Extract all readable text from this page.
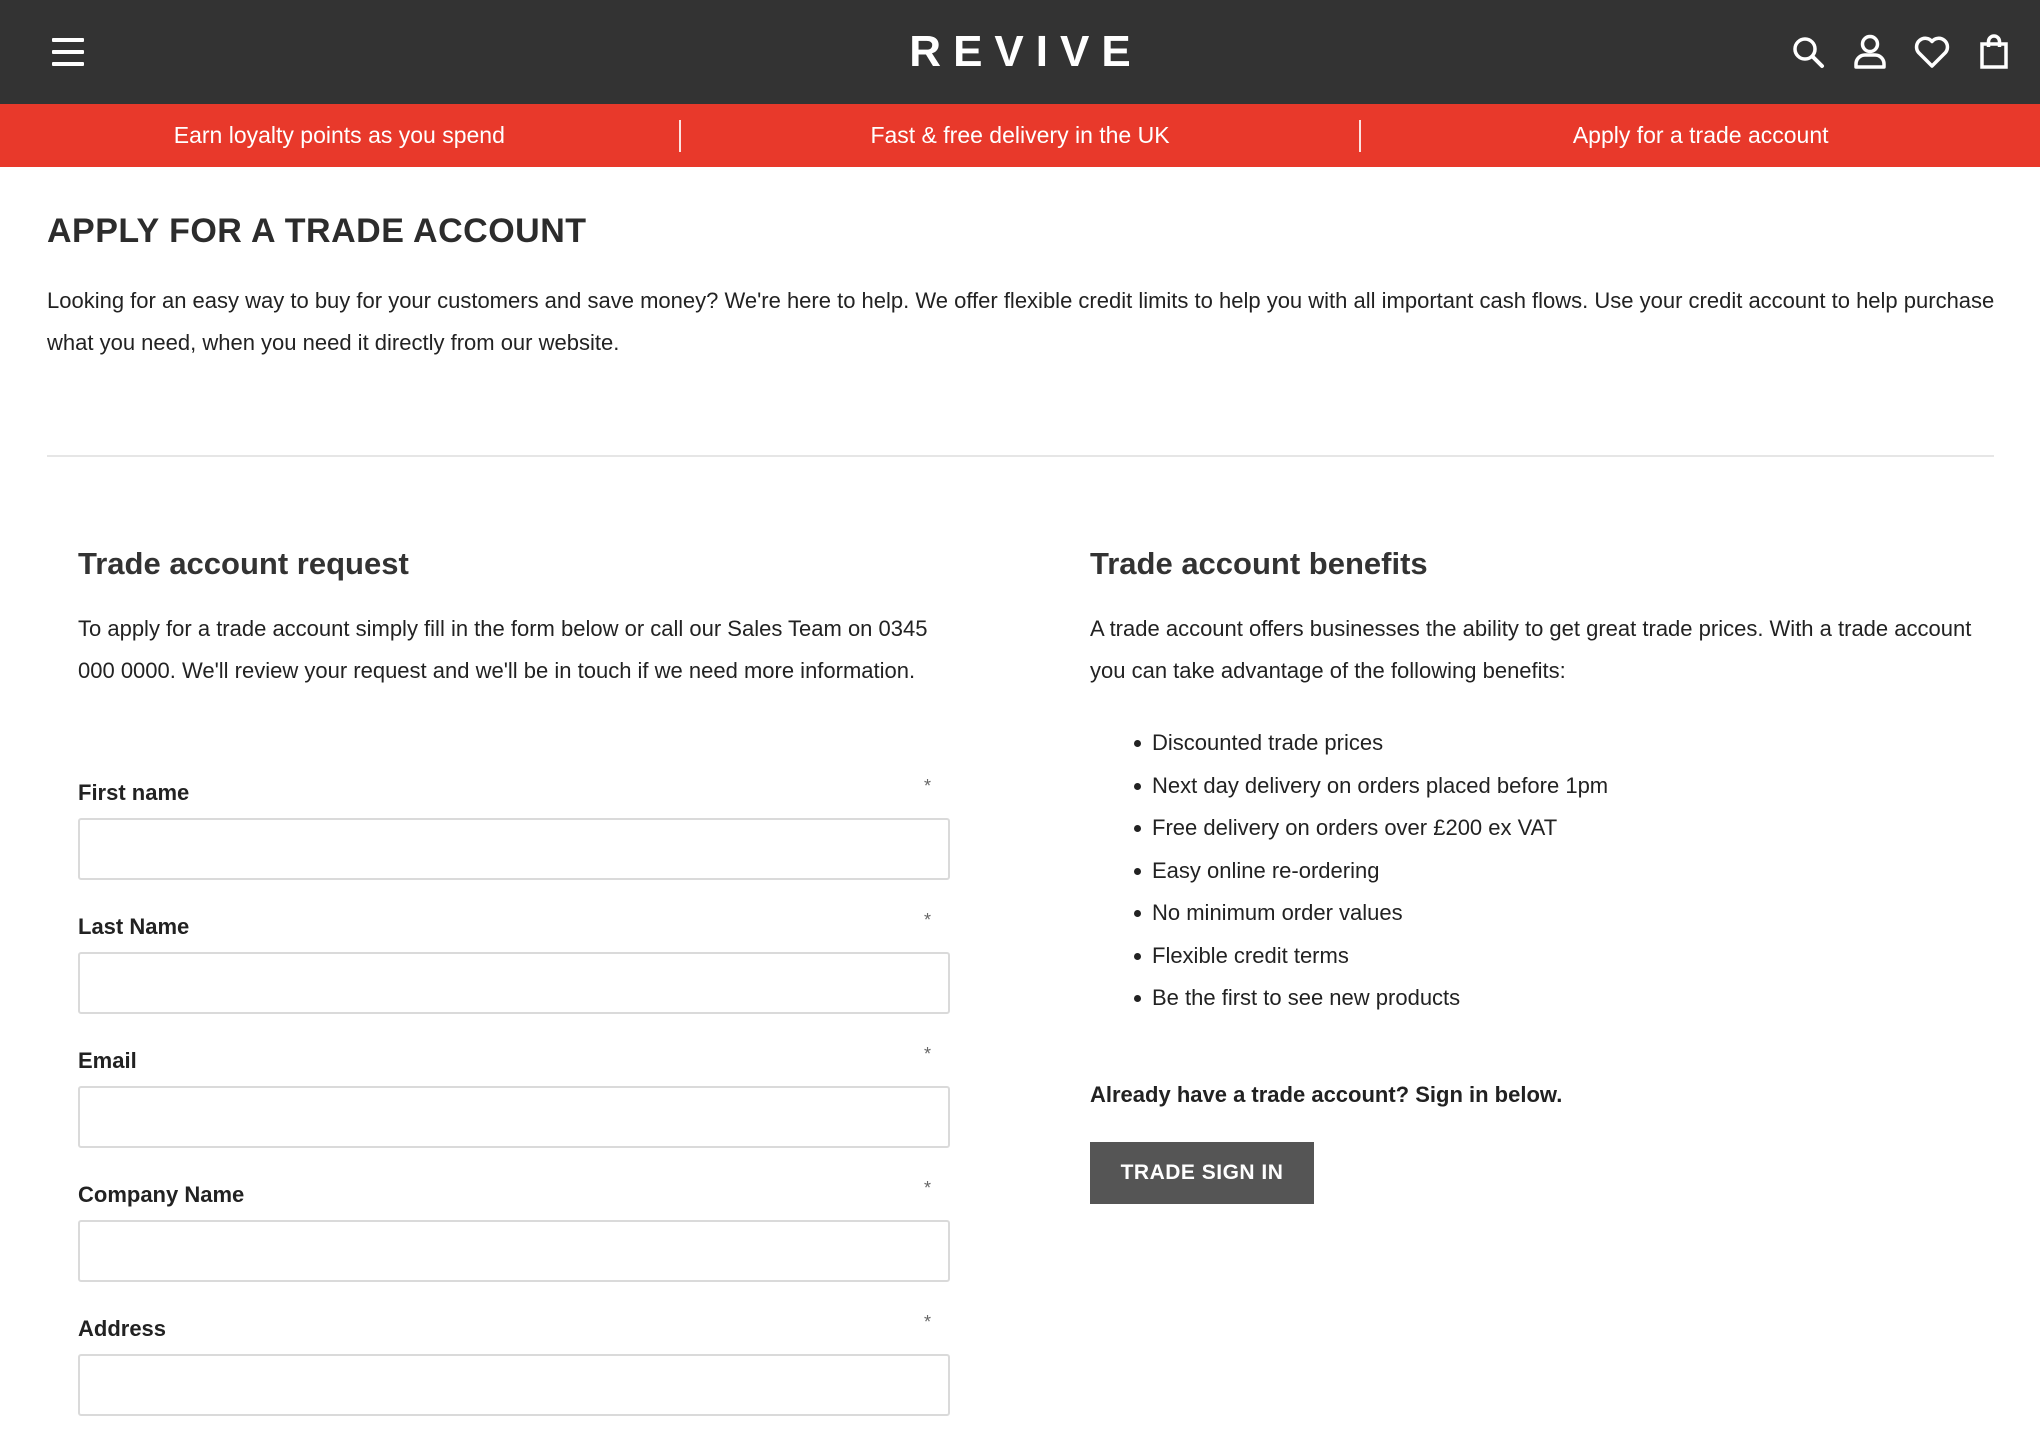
REVIVE
Earn loyalty points as you spend	Fast & free delivery in the UK	Apply for a trade account
APPLY FOR A TRADE ACCOUNT

Looking for an easy way to buy for your customers and save money? We're here to help. We offer flexible credit limits to help you with all important cash flows. Use your credit account to help purchase what you need, when you need it directly from our website.

Trade account request

To apply for a trade account simply fill in the form below or call our Sales Team on 0345 000 0000. We'll review your request and we'll be in touch if we need more information.

First name	*
Last Name	*
Email	*
Company Name	*
Address	*
Trade account benefits

A trade account offers businesses the ability to get great trade prices. With a trade account you can take advantage of the following benefits:

Discounted trade prices
Next day delivery on orders placed before 1pm
Free delivery on orders over £200 ex VAT
Easy online re-ordering
No minimum order values
Flexible credit terms
Be the first to see new products

Already have a trade account? Sign in below.

TRADE SIGN IN
